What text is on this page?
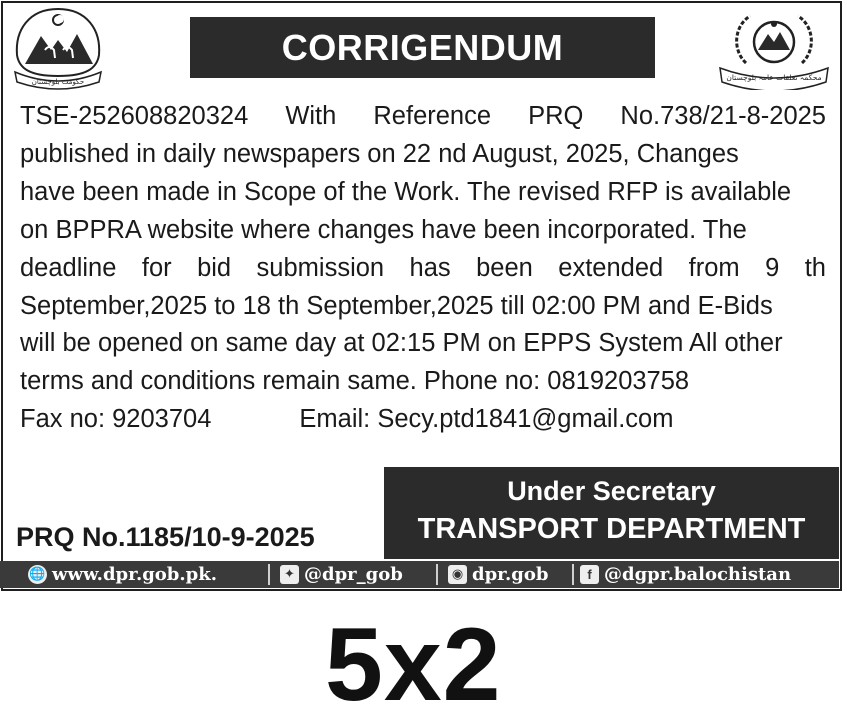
حکومت بلوچستان
CORRIGENDUM
محکمہ تعلقات عامہ بلوچستان
TSE-252608820324 With Reference PRQ No.738/21-8-2025
published in daily newspapers on 22 nd August, 2025, Changes
have been made in Scope of the Work. The revised RFP is available
on BPPRA website where changes have been incorporated. The
deadline for bid submission has been extended from 9 th
September,2025 to 18 th September,2025 till 02:00 PM and E-Bids
will be opened on same day at 02:15 PM on EPPS System All other
terms and conditions remain same. Phone no: 0819203758
Fax no: 9203704	Email: Secy.ptd1841@gmail.com
Under Secretary
TRANSPORT DEPARTMENT
PRQ No.1185/10-9-2025
🌐 www.dpr.gob.pk.	✦ @dpr_gob	◉ dpr.gob	f @dgpr.balochistan
5x2
